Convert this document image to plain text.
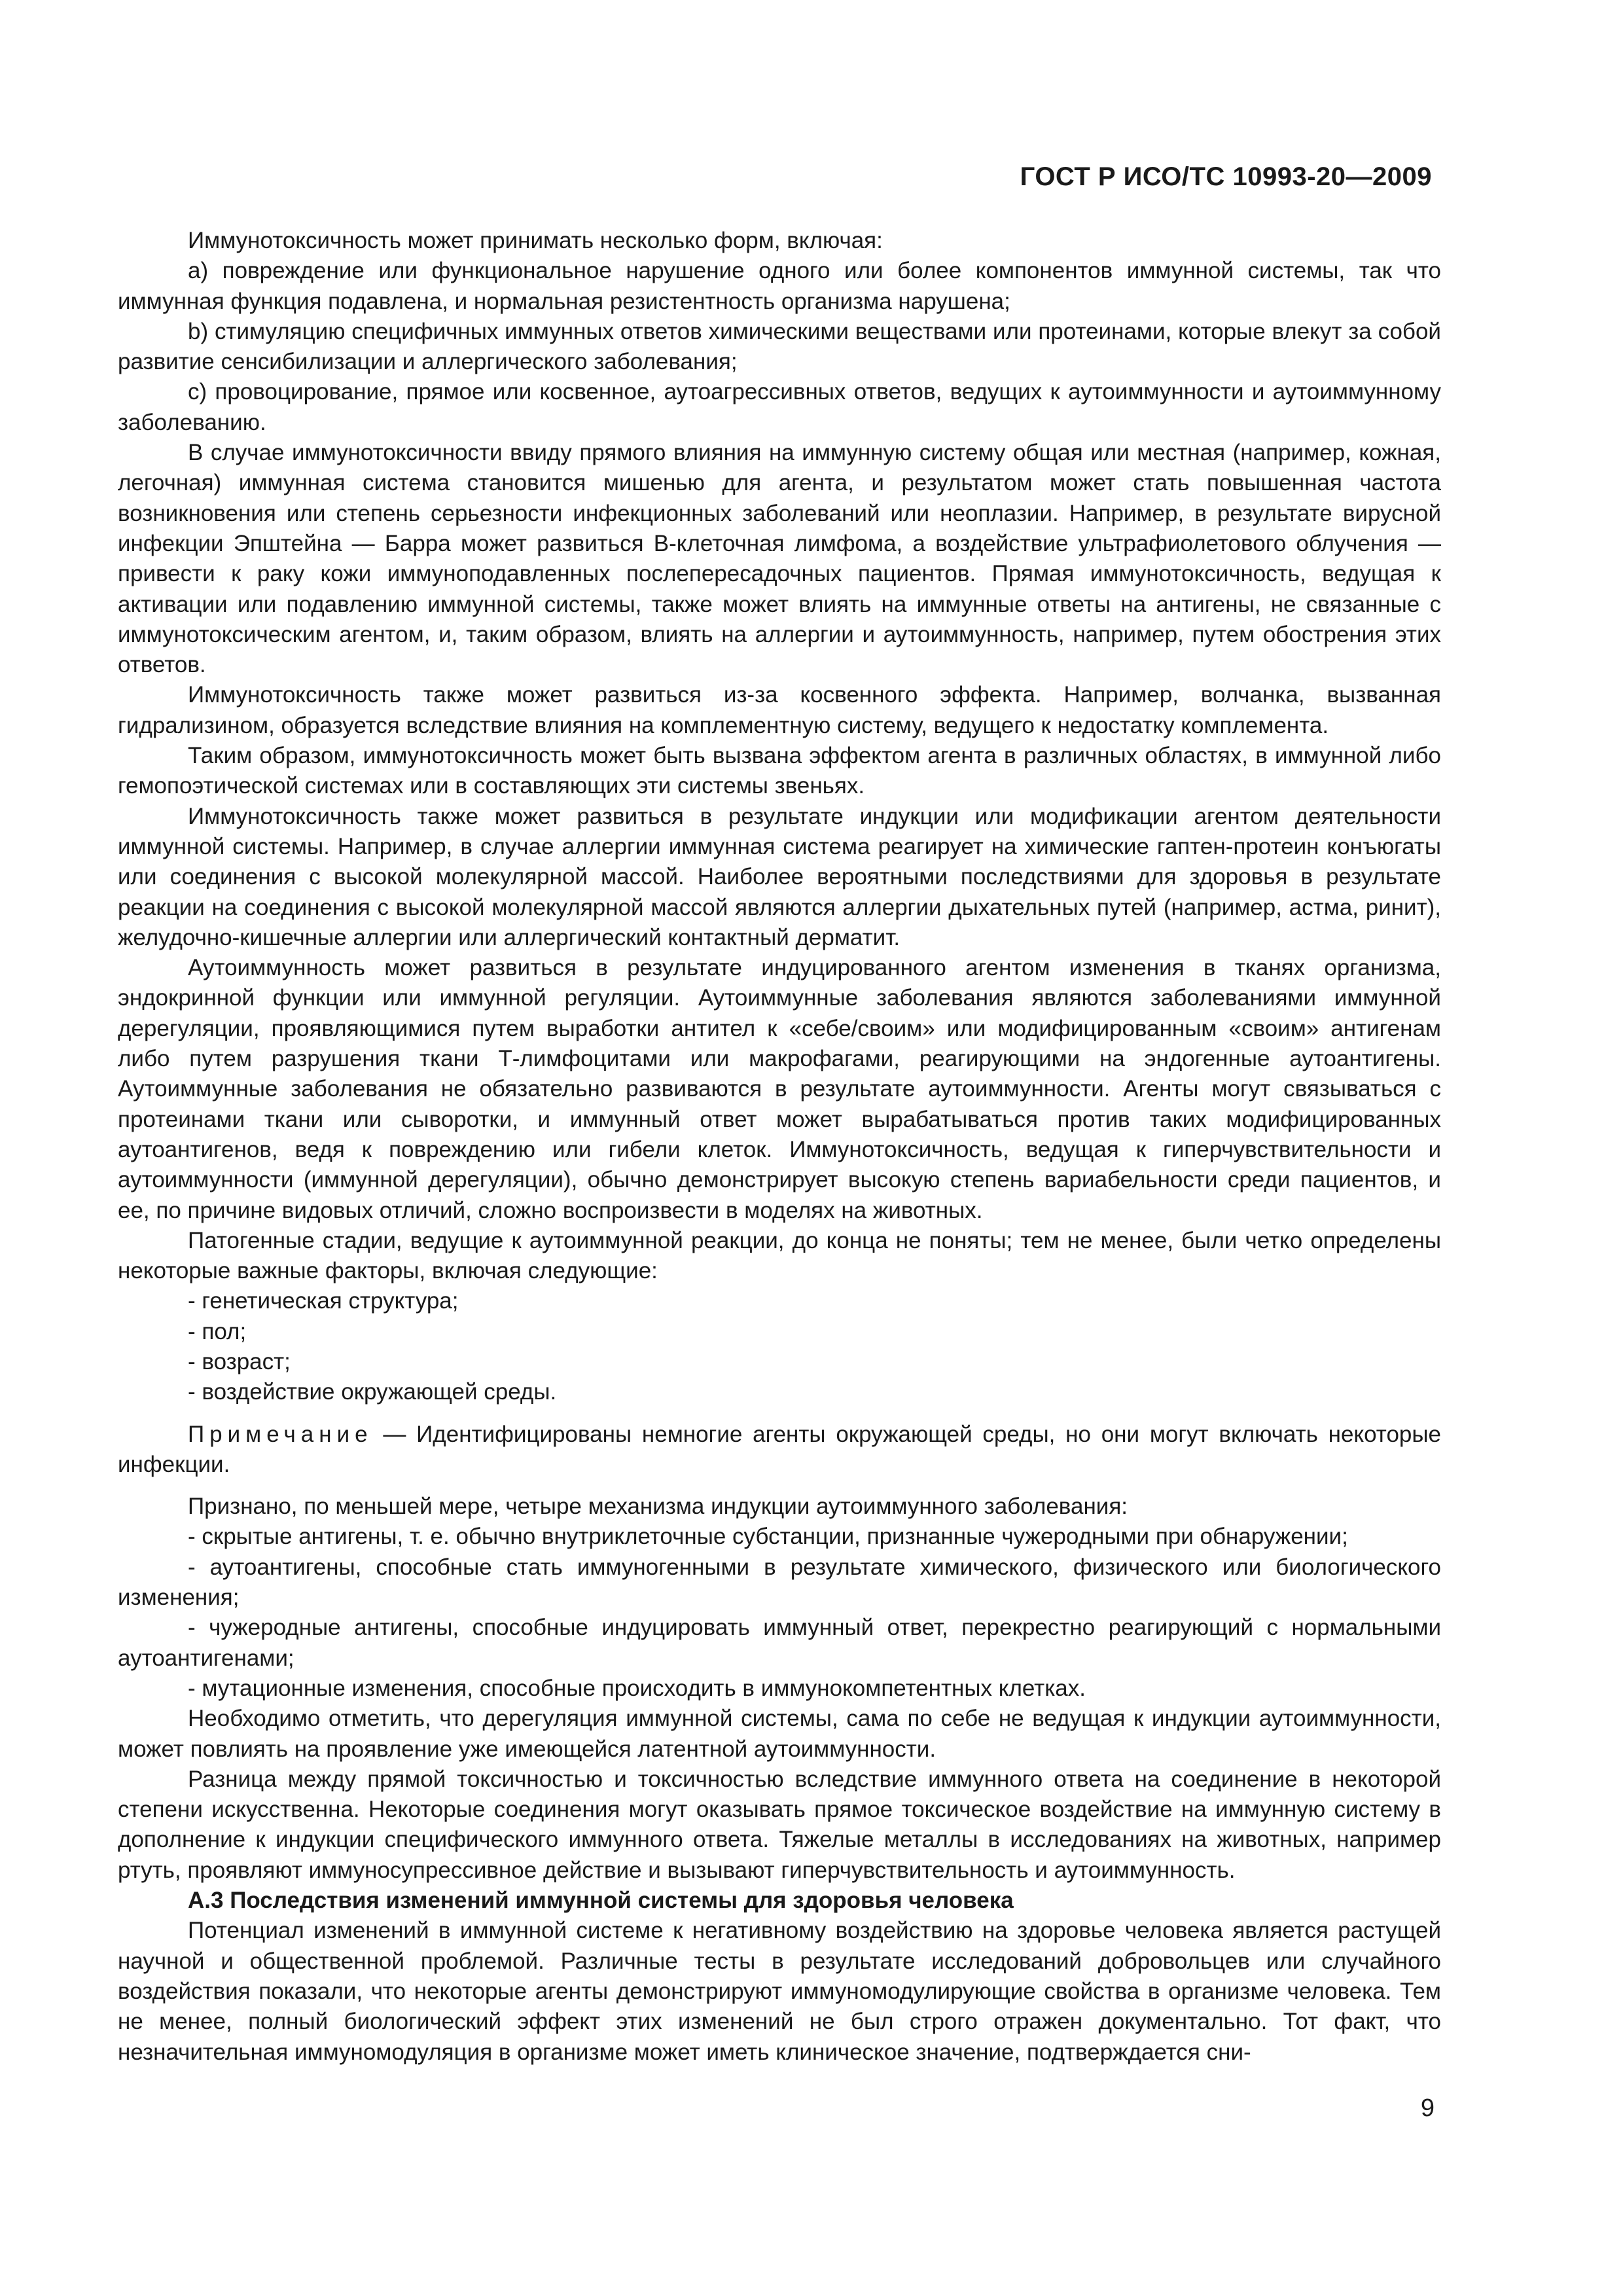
ГОСТ Р ИСО/ТС 10993-20—2009

Иммунотоксичность может принимать несколько форм, включая:

a) повреждение или функциональное нарушение одного или более компонентов иммунной системы, так что иммунная функция подавлена, и нормальная резистентность организма нарушена;

b) стимуляцию специфичных иммунных ответов химическими веществами или протеинами, которые влекут за собой развитие сенсибилизации и аллергического заболевания;

c) провоцирование, прямое или косвенное, аутоагрессивных ответов, ведущих к аутоиммунности и аутоиммунному заболеванию.

В случае иммунотоксичности ввиду прямого влияния на иммунную систему общая или местная (например, кожная, легочная) иммунная система становится мишенью для агента, и результатом может стать повышенная частота возникновения или степень серьезности инфекционных заболеваний или неоплазии. Например, в результате вирусной инфекции Эпштейна — Барра может развиться B-клеточная лимфома, а воздействие ультрафиолетового облучения — привести к раку кожи иммуноподавленных послепересадочных пациентов. Прямая иммунотоксичность, ведущая к активации или подавлению иммунной системы, также может влиять на иммунные ответы на антигены, не связанные с иммунотоксическим агентом, и, таким образом, влиять на аллергии и аутоиммунность, например, путем обострения этих ответов.

Иммунотоксичность также может развиться из-за косвенного эффекта. Например, волчанка, вызванная гидрализином, образуется вследствие влияния на комплементную систему, ведущего к недостатку комплемента.

Таким образом, иммунотоксичность может быть вызвана эффектом агента в различных областях, в иммунной либо гемопоэтической системах или в составляющих эти системы звеньях.

Иммунотоксичность также может развиться в результате индукции или модификации агентом деятельности иммунной системы. Например, в случае аллергии иммунная система реагирует на химические гаптен-протеин конъюгаты или соединения с высокой молекулярной массой. Наиболее вероятными последствиями для здоровья в результате реакции на соединения с высокой молекулярной массой являются аллергии дыхательных путей (например, астма, ринит), желудочно-кишечные аллергии или аллергический контактный дерматит.

Аутоиммунность может развиться в результате индуцированного агентом изменения в тканях организма, эндокринной функции или иммунной регуляции. Аутоиммунные заболевания являются заболеваниями иммунной дерегуляции, проявляющимися путем выработки антител к «себе/своим» или модифицированным «своим» антигенам либо путем разрушения ткани Т-лимфоцитами или макрофагами, реагирующими на эндогенные аутоантигены. Аутоиммунные заболевания не обязательно развиваются в результате аутоиммунности. Агенты могут связываться с протеинами ткани или сыворотки, и иммунный ответ может вырабатываться против таких модифицированных аутоантигенов, ведя к повреждению или гибели клеток. Иммунотоксичность, ведущая к гиперчувствительности и аутоиммунности (иммунной дерегуляции), обычно демонстрирует высокую степень вариабельности среди пациентов, и ее, по причине видовых отличий, сложно воспроизвести в моделях на животных.

Патогенные стадии, ведущие к аутоиммунной реакции, до конца не поняты; тем не менее, были четко определены некоторые важные факторы, включая следующие:

- генетическая структура;

- пол;

- возраст;

- воздействие окружающей среды.

Примечание — Идентифицированы немногие агенты окружающей среды, но они могут включать некоторые инфекции.

Признано, по меньшей мере, четыре механизма индукции аутоиммунного заболевания:

- скрытые антигены, т. е. обычно внутриклеточные субстанции, признанные чужеродными при обнаружении;

- аутоантигены, способные стать иммуногенными в результате химического, физического или биологического изменения;

- чужеродные антигены, способные индуцировать иммунный ответ, перекрестно реагирующий с нормальными аутоантигенами;

- мутационные изменения, способные происходить в иммунокомпетентных клетках.

Необходимо отметить, что дерегуляция иммунной системы, сама по себе не ведущая к индукции аутоиммунности, может повлиять на проявление уже имеющейся латентной аутоиммунности.

Разница между прямой токсичностью и токсичностью вследствие иммунного ответа на соединение в некоторой степени искусственна. Некоторые соединения могут оказывать прямое токсическое воздействие на иммунную систему в дополнение к индукции специфического иммунного ответа. Тяжелые металлы в исследованиях на животных, например ртуть, проявляют иммуносупрессивное действие и вызывают гиперчувствительность и аутоиммунность.

А.3 Последствия изменений иммунной системы для здоровья человека

Потенциал изменений в иммунной системе к негативному воздействию на здоровье человека является растущей научной и общественной проблемой. Различные тесты в результате исследований добровольцев или случайного воздействия показали, что некоторые агенты демонстрируют иммуномодулирующие свойства в организме человека. Тем не менее, полный биологический эффект этих изменений не был строго отражен документально. Тот факт, что незначительная иммуномодуляция в организме может иметь клиническое значение, подтверждается сни-

9
